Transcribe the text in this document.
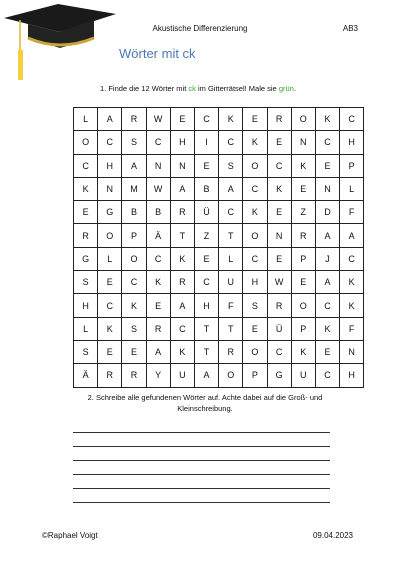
Akustische Differenzierung	AB3
Wörter mit ck
1. Finde die 12 Wörter mit ck im Gitterrätsel! Male sie grün.
L	A	R	W	E	C	K	E	R	O	K	C
O	C	S	C	H	I	C	K	E	N	C	H
C	H	A	N	N	E	S	O	C	K	E	P
K	N	M	W	A	B	A	C	K	E	N	L
E	G	B	B	R	Ü	C	K	E	Z	D	F
R	O	P	Ä	T	Z	T	O	N	R	A	A
G	L	O	C	K	E	L	C	E	P	J	C
S	E	C	K	R	C	U	H	W	E	A	K
H	C	K	E	A	H	F	S	R	O	C	K
L	K	S	R	C	T	T	E	Ü	P	K	F
S	E	E	A	K	T	R	O	C	K	E	N
Ä	R	R	Y	U	A	O	P	G	U	C	H
2. Schreibe alle gefundenen Wörter auf. Achte dabei auf die Groß- und Kleinschreibung.
©Raphael Voigt	09.04.2023
